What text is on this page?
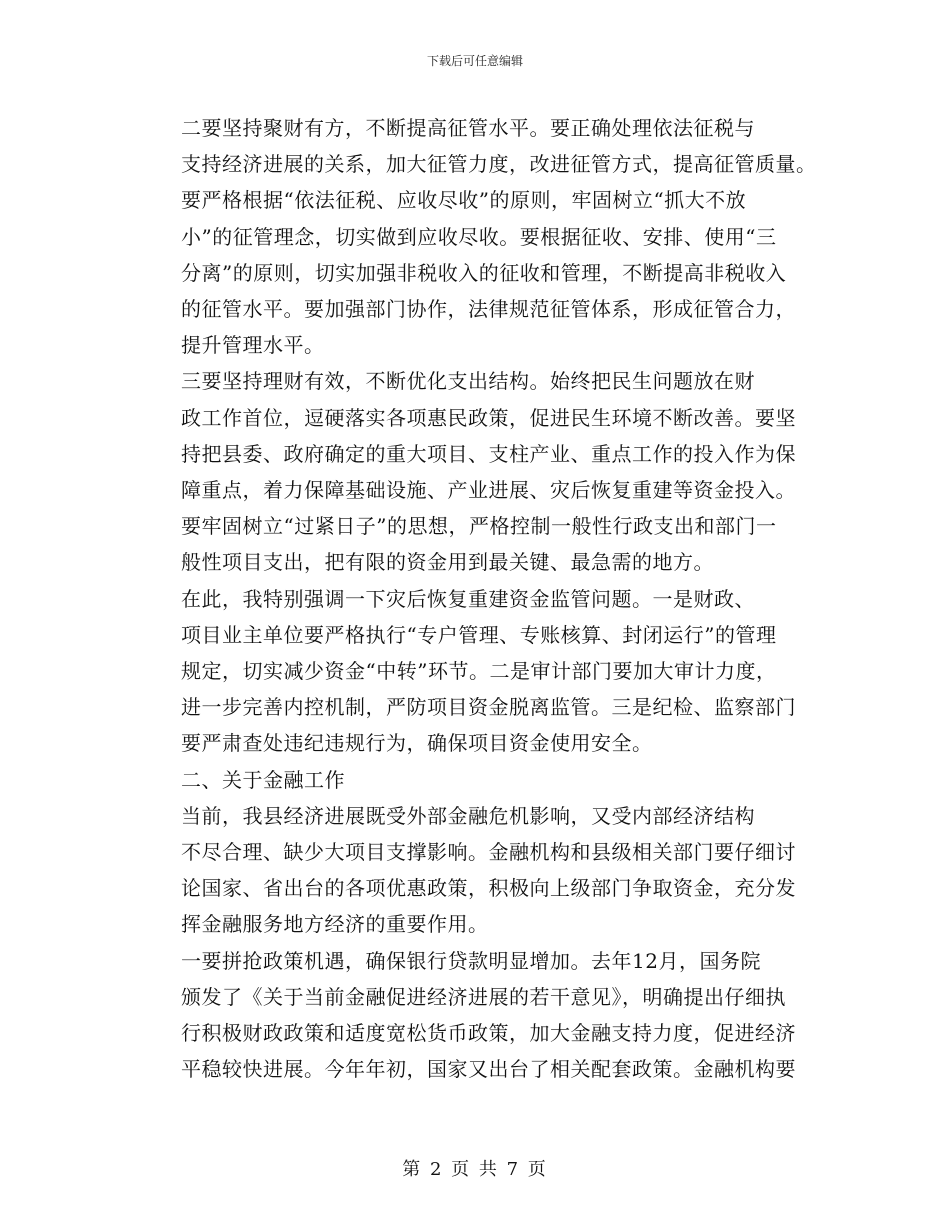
下载后可任意编辑

二要坚持聚财有方，不断提高征管水平。要正确处理依法征税与
支持经济进展的关系，加大征管力度，改进征管方式，提高征管质量。
要严格根据“依法征税、应收尽收”的原则，牢固树立“抓大不放
小”的征管理念，切实做到应收尽收。要根据征收、安排、使用“三
分离”的原则，切实加强非税收入的征收和管理，不断提高非税收入
的征管水平。要加强部门协作，法律规范征管体系，形成征管合力，
提升管理水平。

三要坚持理财有效，不断优化支出结构。始终把民生问题放在财
政工作首位，逗硬落实各项惠民政策，促进民生环境不断改善。要坚
持把县委、政府确定的重大项目、支柱产业、重点工作的投入作为保
障重点，着力保障基础设施、产业进展、灾后恢复重建等资金投入。
要牢固树立“过紧日子”的思想，严格控制一般性行政支出和部门一
般性项目支出，把有限的资金用到最关键、最急需的地方。

在此，我特别强调一下灾后恢复重建资金监管问题。一是财政、
项目业主单位要严格执行“专户管理、专账核算、封闭运行”的管理
规定，切实减少资金“中转”环节。二是审计部门要加大审计力度，
进一步完善内控机制，严防项目资金脱离监管。三是纪检、监察部门
要严肃查处违纪违规行为，确保项目资金使用安全。

二、关于金融工作

当前，我县经济进展既受外部金融危机影响，又受内部经济结构
不尽合理、缺少大项目支撑影响。金融机构和县级相关部门要仔细讨
论国家、省出台的各项优惠政策，积极向上级部门争取资金，充分发
挥金融服务地方经济的重要作用。

一要拼抢政策机遇，确保银行贷款明显增加。去年12月，国务院
颁发了《关于当前金融促进经济进展的若干意见》，明确提出仔细执
行积极财政政策和适度宽松货币政策，加大金融支持力度，促进经济
平稳较快进展。今年年初，国家又出台了相关配套政策。金融机构要

第 2 页 共 7 页
